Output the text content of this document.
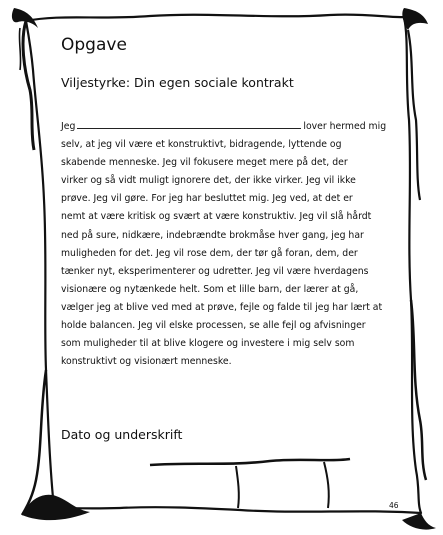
Opgave
Viljestyrke: Din egen sociale kontrakt
Jeg	lover hermed mig
selv, at jeg vil være et konstruktivt, bidragende, lyttende og
skabende menneske. Jeg vil fokusere meget mere på det, der
virker og så vidt muligt ignorere det, der ikke virker. Jeg vil ikke
prøve. Jeg vil gøre. For jeg har besluttet mig. Jeg ved, at det er
nemt at være kritisk og svært at være konstruktiv. Jeg vil slå hårdt
ned på sure, nidkære, indebrændte brokmåse hver gang, jeg har
muligheden for det. Jeg vil rose dem, der tør gå foran, dem, der
tænker nyt, eksperimenterer og udretter. Jeg vil være hverdagens
visionære og nytænkede helt. Som et lille barn, der lærer at gå,
vælger jeg at blive ved med at prøve, fejle og falde til jeg har lært at
holde balancen. Jeg vil elske processen, se alle fejl og afvisninger
som muligheder til at blive klogere og investere i mig selv som
konstruktivt og visionært menneske.
Dato og underskrift
46
